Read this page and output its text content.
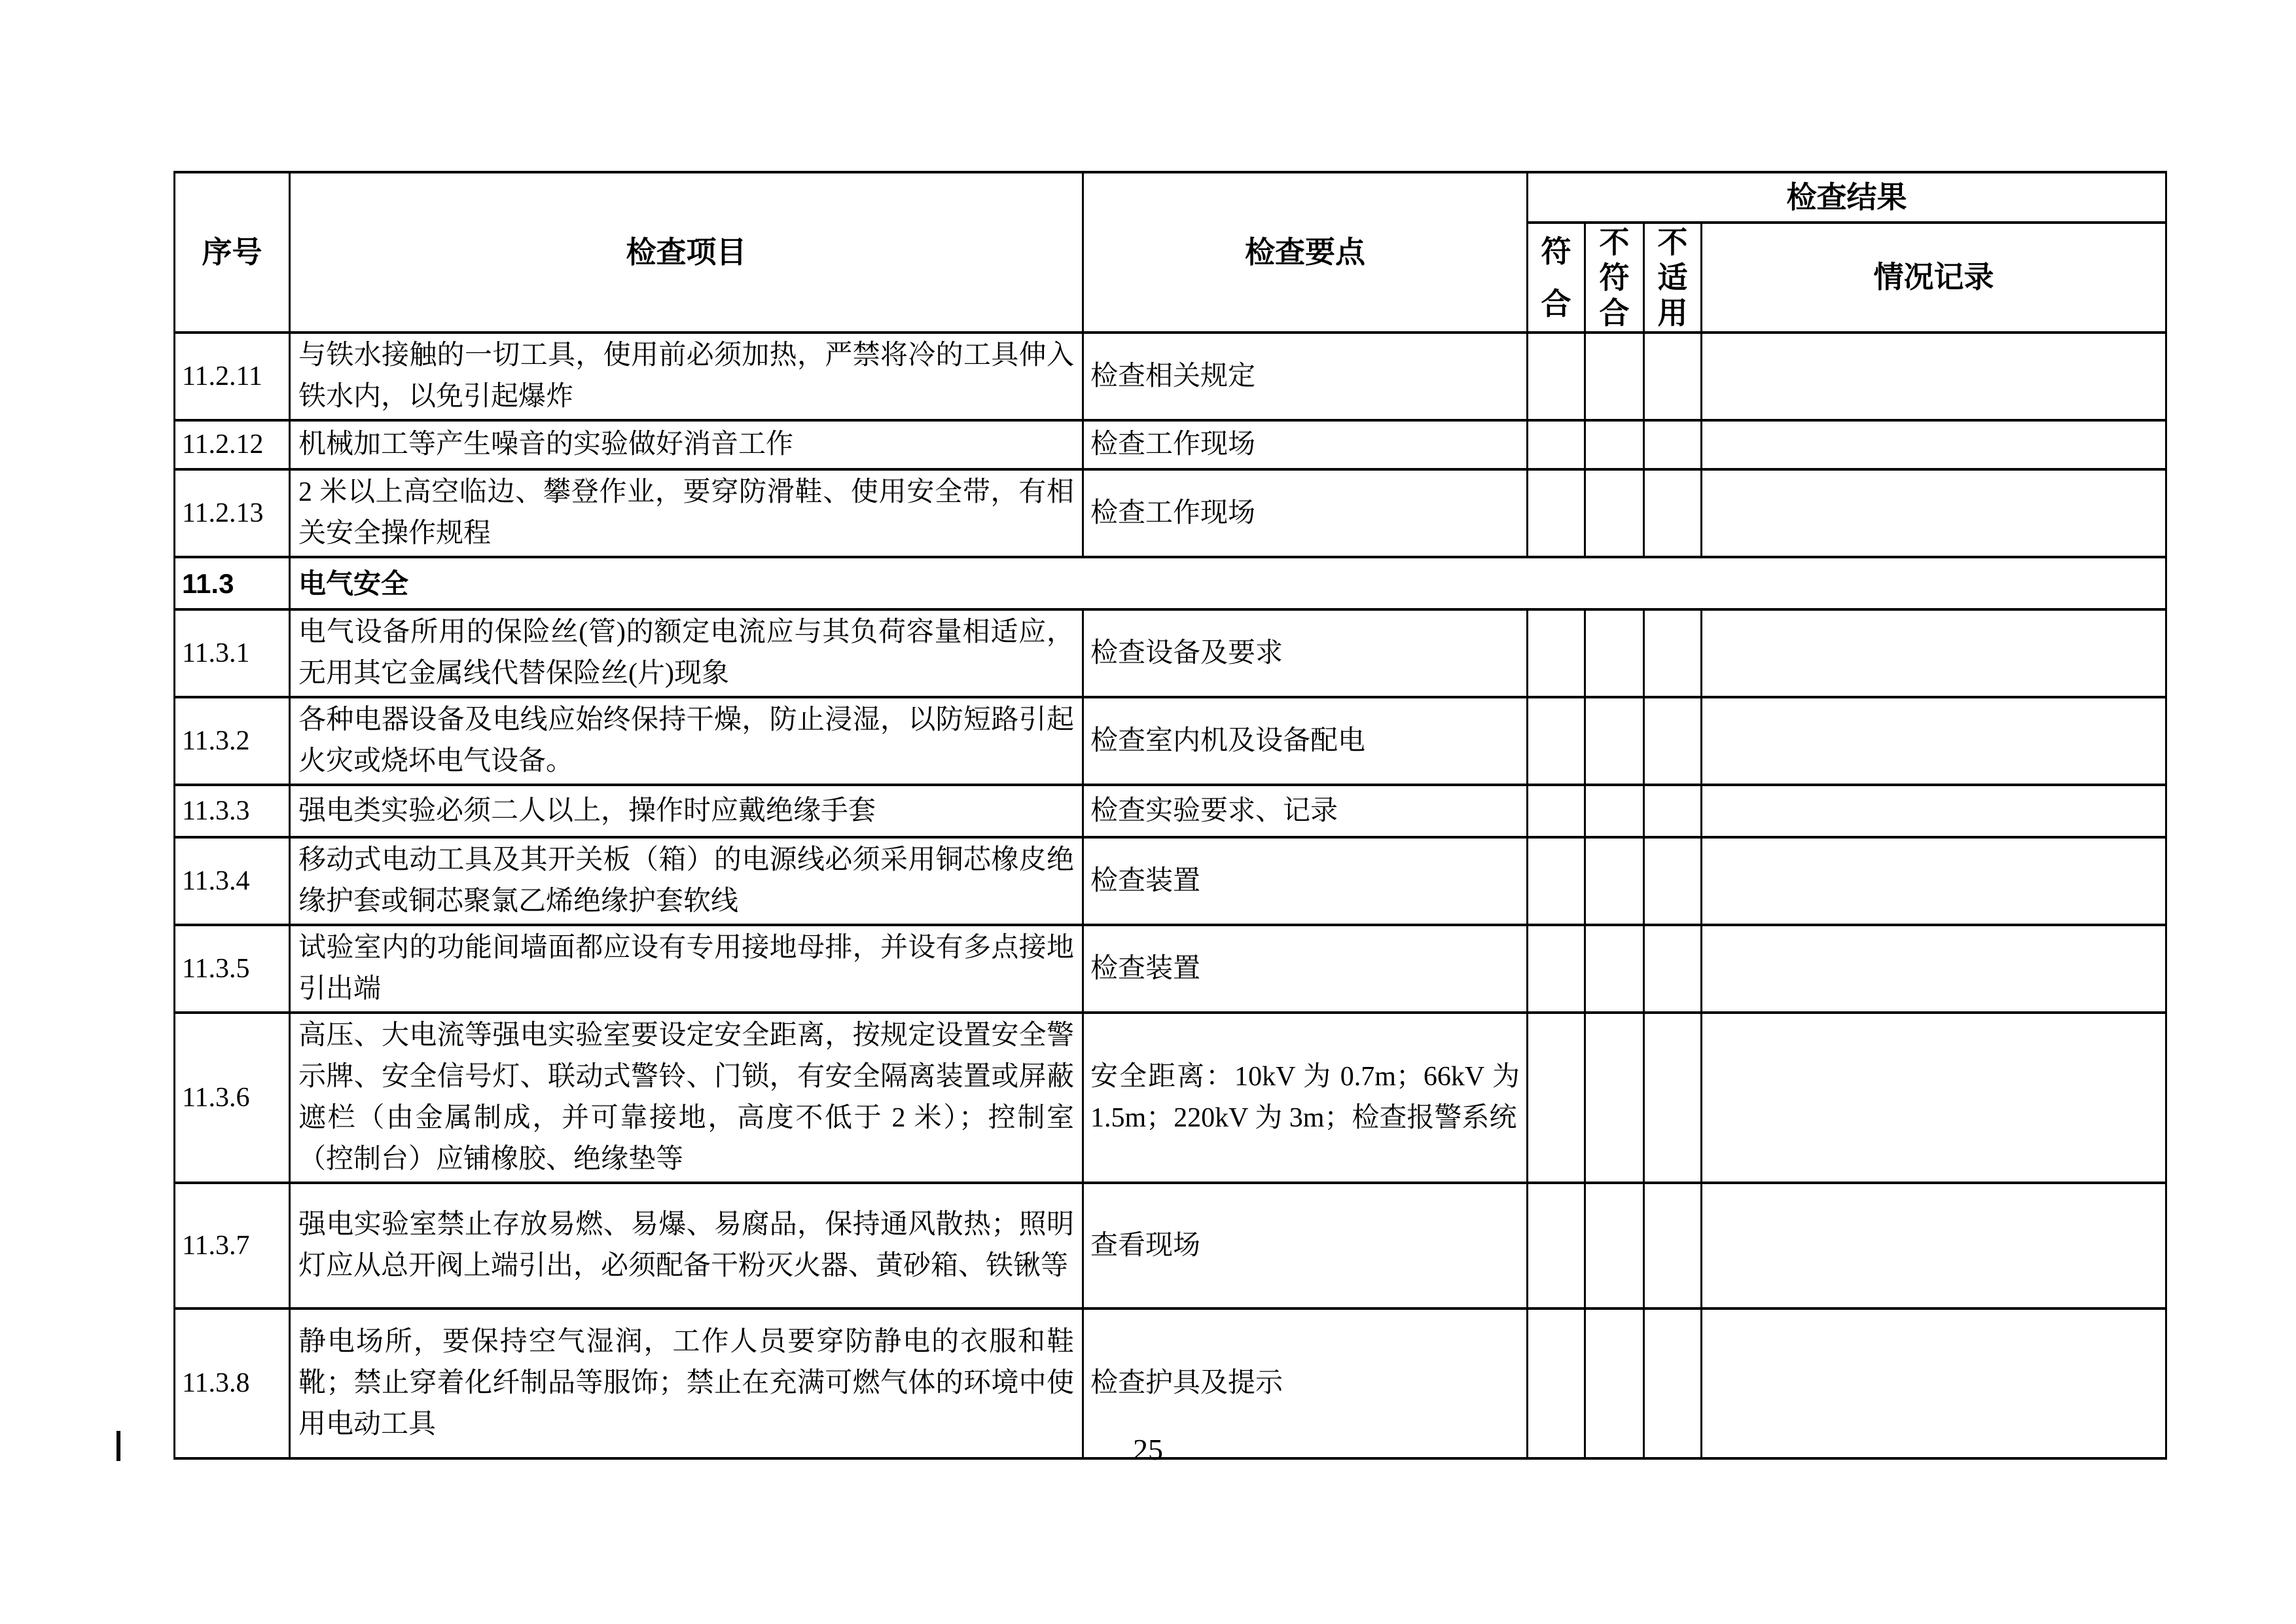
序号	检查项目	检查要点	检查结果			

			符合	不符合	不适用	情况记录
11.2.11	与铁水接触的一切工具，使用前必须加热，严禁将冷的工具伸入铁水内，以免引起爆炸	检查相关规定				
11.2.12	机械加工等产生噪音的实验做好消音工作	检查工作现场				
11.2.13	2 米以上高空临边、攀登作业，要穿防滑鞋、使用安全带，有相关安全操作规程	检查工作现场				
11.3	电气安全					
11.3.1	电气设备所用的保险丝(管)的额定电流应与其负荷容量相适应，无用其它金属线代替保险丝(片)现象	检查设备及要求				
11.3.2	各种电器设备及电线应始终保持干燥，防止浸湿，以防短路引起火灾或烧坏电气设备。	检查室内机及设备配电				
11.3.3	强电类实验必须二人以上，操作时应戴绝缘手套	检查实验要求、记录				
11.3.4	移动式电动工具及其开关板（箱）的电源线必须采用铜芯橡皮绝缘护套或铜芯聚氯乙烯绝缘护套软线	检查装置				
11.3.5	试验室内的功能间墙面都应设有专用接地母排，并设有多点接地引出端	检查装置				
11.3.6	高压、大电流等强电实验室要设定安全距离，按规定设置安全警示牌、安全信号灯、联动式警铃、门锁，有安全隔离装置或屏蔽遮栏（由金属制成，并可靠接地，高度不低于 2 米）；控制室（控制台）应铺橡胶、绝缘垫等	安全距离：10kV 为 0.7m；66kV 为 1.5m；220kV 为 3m；检查报警系统				
11.3.7	强电实验室禁止存放易燃、易爆、易腐品，保持通风散热；照明灯应从总开阀上端引出，必须配备干粉灭火器、黄砂箱、铁锹等	查看现场				
11.3.8	静电场所，要保持空气湿润，工作人员要穿防静电的衣服和鞋靴；禁止穿着化纤制品等服饰；禁止在充满可燃气体的环境中使用电动工具	检查护具及提示				
25
